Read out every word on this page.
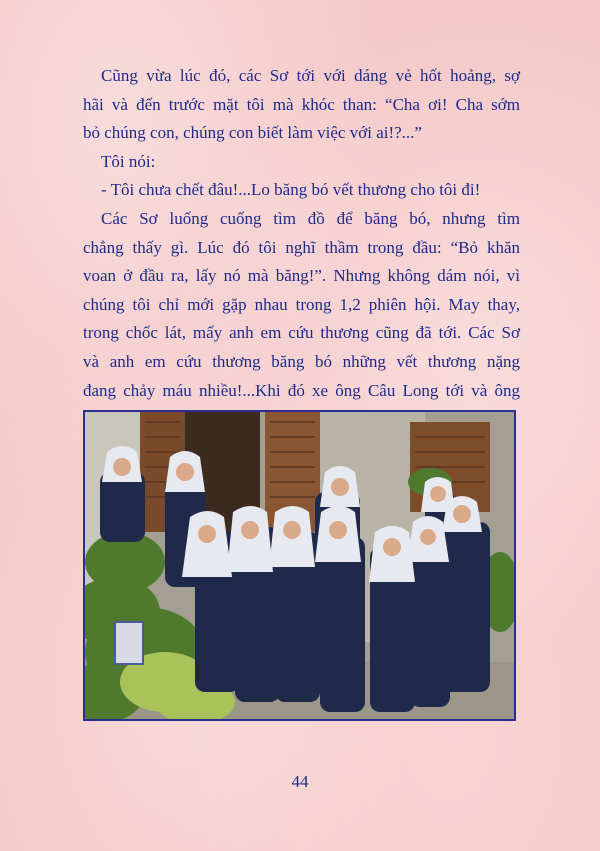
Cũng vừa lúc đó, các Sơ tới với dáng vẻ hốt hoảng, sợ

hãi và đến trước mặt tôi mà khóc than: “Cha ơi! Cha sớm

bỏ chúng con, chúng con biết làm việc với ai!?...”

Tôi nói:

- Tôi chưa chết đâu!...Lo băng bó vết thương cho tôi đi!

Các Sơ luống cuống tìm đồ để băng bó, nhưng tìm

chẳng thấy gì. Lúc đó tôi nghĩ thầm trong đầu: “Bỏ khăn

voan ở đầu ra, lấy nó mà băng!”. Nhưng không dám nói, vì

chúng tôi chỉ mới gặp nhau trong 1,2 phiên hội. May thay,

trong chốc lát, mấy anh em cứu thương cũng đã tới. Các Sơ

và anh em cứu thương băng bó những vết thương nặng

đang chảy máu nhiều!...Khi đó xe ông Câu Long tới và ông

44
